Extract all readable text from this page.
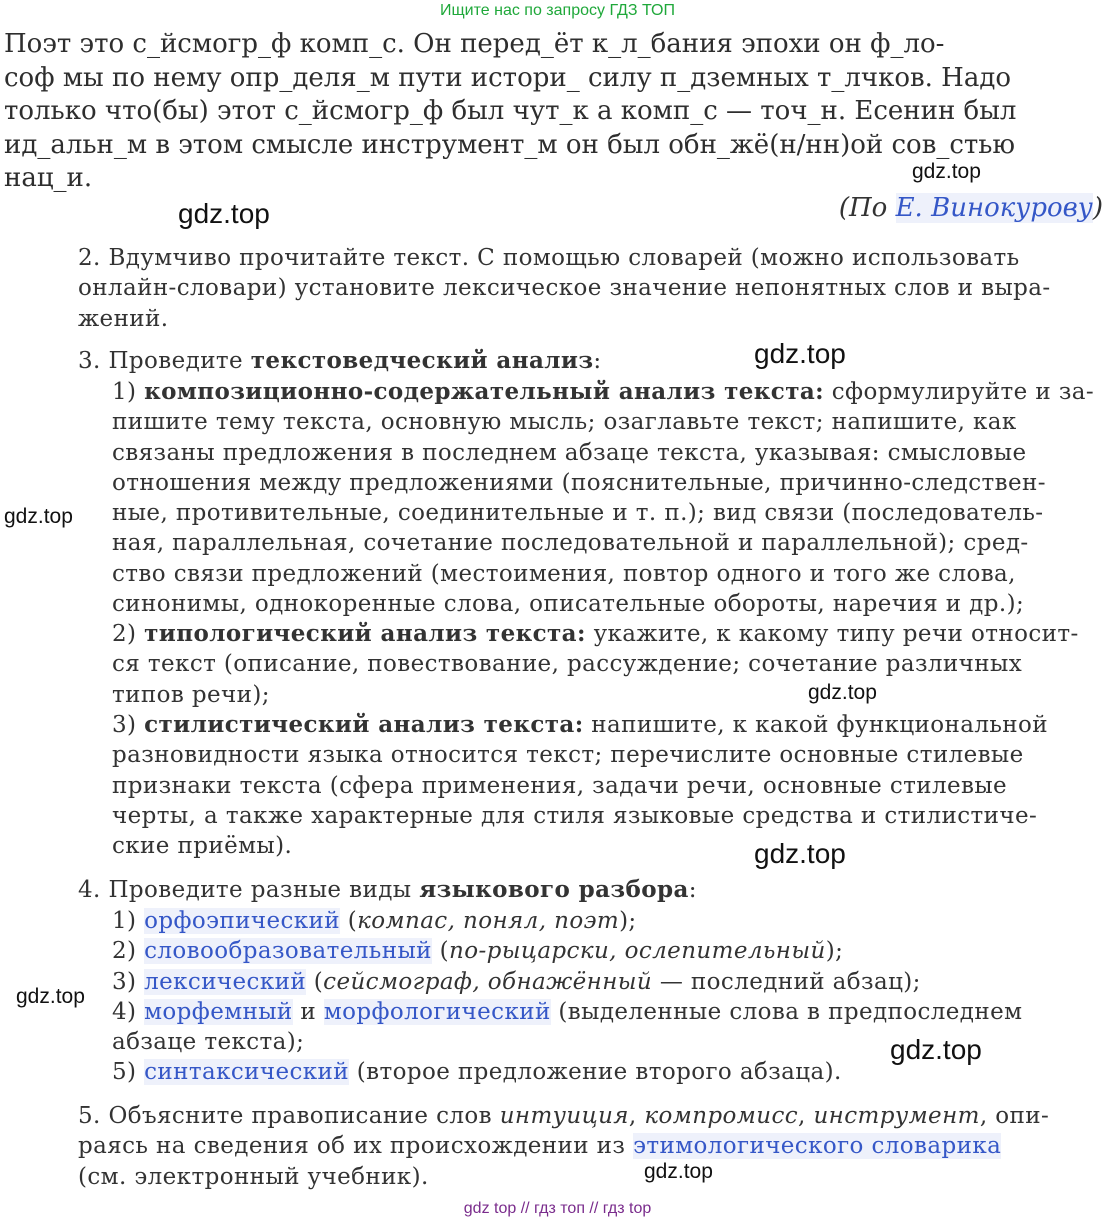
Ищите нас по запросу ГДЗ ТОП
Поэт это с_йсмогр_ф комп_с. Он перед_ёт к_л_бания эпохи он ф_ло-
соф мы по нему опр_деля_м пути истори_ силу п_дземных т_лчков. Надо
только что(бы) этот с_йсмогр_ф был чут_к а комп_с — точ_н. Есенин был
ид_альн_м в этом смысле инструмент_м он был обн_жё(н/нн)ой сов_стью
нац_и.
(По Е. Винокурову)
2. Вдумчиво прочитайте текст. С помощью словарей (можно использовать
онлайн-словари) установите лексическое значение непонятных слов и выра-
жений.
3. Проведите текстоведческий анализ:
1) композиционно-содержательный анализ текста: сформулируйте и за-
пишите тему текста, основную мысль; озаглавьте текст; напишите, как
связаны предложения в последнем абзаце текста, указывая: смысловые
отношения между предложениями (пояснительные, причинно-следствен-
ные, противительные, соединительные и т. п.); вид связи (последователь-
ная, параллельная, сочетание последовательной и параллельной); сред-
ство связи предложений (местоимения, повтор одного и того же слова,
синонимы, однокоренные слова, описательные обороты, наречия и др.);
2) типологический анализ текста: укажите, к какому типу речи относит-
ся текст (описание, повествование, рассуждение; сочетание различных
типов речи);
3) стилистический анализ текста: напишите, к какой функциональной
разновидности языка относится текст; перечислите основные стилевые
признаки текста (сфера применения, задачи речи, основные стилевые
черты, а также характерные для стиля языковые средства и стилистиче-
ские приёмы).
4. Проведите разные виды языкового разбора:
1) орфоэпический (компас, понял, поэт);
2) словообразовательный (по-рыцарски, ослепительный);
3) лексический (сейсмограф, обнажённый — последний абзац);
4) морфемный и морфологический (выделенные слова в предпоследнем
абзаце текста);
5) синтаксический (второе предложение второго абзаца).
5. Объясните правописание слов интуиция, компромисс, инструмент, опи-
раясь на сведения об их происхождении из этимологического словарика
(см. электронный учебник).
gdz.top
gdz.top
gdz.top
gdz.top
gdz.top
gdz.top
gdz.top
gdz.top
gdz.top
gdz top // гдз топ // гдз top
